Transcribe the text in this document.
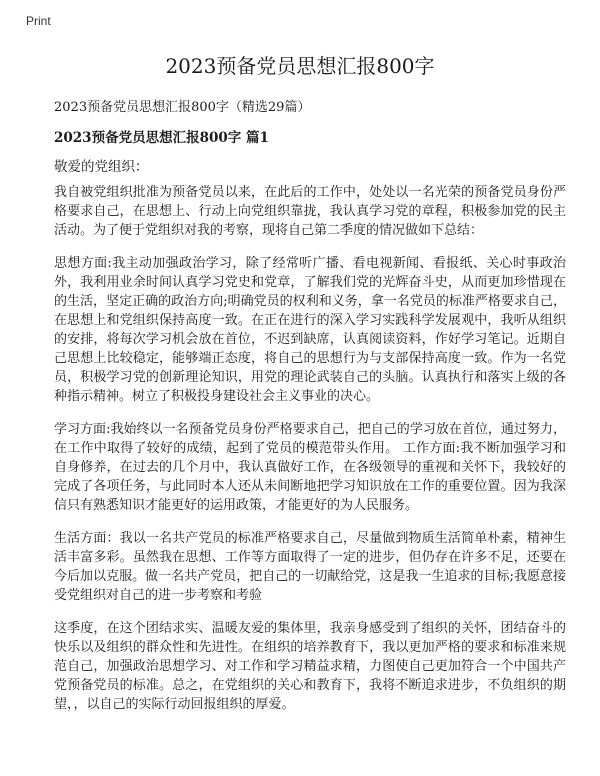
Print
2023预备党员思想汇报800字

2023预备党员思想汇报800字（精选29篇）

2023预备党员思想汇报800字 篇1

敬爱的党组织：

我自被党组织批准为预备党员以来，在此后的工作中，处处以一名光荣的预备党员身份严格要求自己，在思想上、行动上向党组织靠拢，我认真学习党的章程，积极参加党的民主活动。为了便于党组织对我的考察，现将自己第二季度的情况做如下总结：

思想方面:我主动加强政治学习，除了经常听广播、看电视新闻、看报纸、关心时事政治外，我利用业余时间认真学习党史和党章，了解我们党的光辉奋斗史，从而更加珍惜现在的生活，坚定正确的政治方向;明确党员的权利和义务，拿一名党员的标准严格要求自己，在思想上和党组织保持高度一致。在正在进行的深入学习实践科学发展观中，我听从组织的安排，将每次学习机会放在首位，不迟到缺席，认真阅读资料，作好学习笔记。近期自己思想上比较稳定，能够端正态度，将自己的思想行为与支部保持高度一致。作为一名党员，积极学习党的创新理论知识，用党的理论武装自己的头脑。认真执行和落实上级的各种指示精神。树立了积极投身建设社会主义事业的决心。

学习方面:我始终以一名预备党员身份严格要求自己，把自己的学习放在首位，通过努力，在工作中取得了较好的成绩，起到了党员的模范带头作用。 工作方面:我不断加强学习和自身修养，在过去的几个月中，我认真做好工作，在各级领导的重视和关怀下，我较好的完成了各项任务，与此同时本人还从未间断地把学习知识放在工作的重要位置。因为我深信只有熟悉知识才能更好的运用政策，才能更好的为人民服务。

生活方面：我以一名共产党员的标准严格要求自己，尽量做到物质生活简单朴素，精神生活丰富多彩。虽然我在思想、工作等方面取得了一定的进步，但仍存在许多不足，还要在今后加以克服。做一名共产党员，把自己的一切献给党，这是我一生追求的目标;我愿意接受党组织对自己的进一步考察和考验

这季度，在这个团结求实、温暖友爱的集体里，我亲身感受到了组织的关怀，团结奋斗的快乐以及组织的群众性和先进性。在组织的培养教育下，我以更加严格的要求和标准来规范自己，加强政治思想学习、对工作和学习精益求精，力图使自己更加符合一个中国共产党预备党员的标准。总之，在党组织的关心和教育下，我将不断追求进步，不负组织的期望，，以自己的实际行动回报组织的厚爱。
